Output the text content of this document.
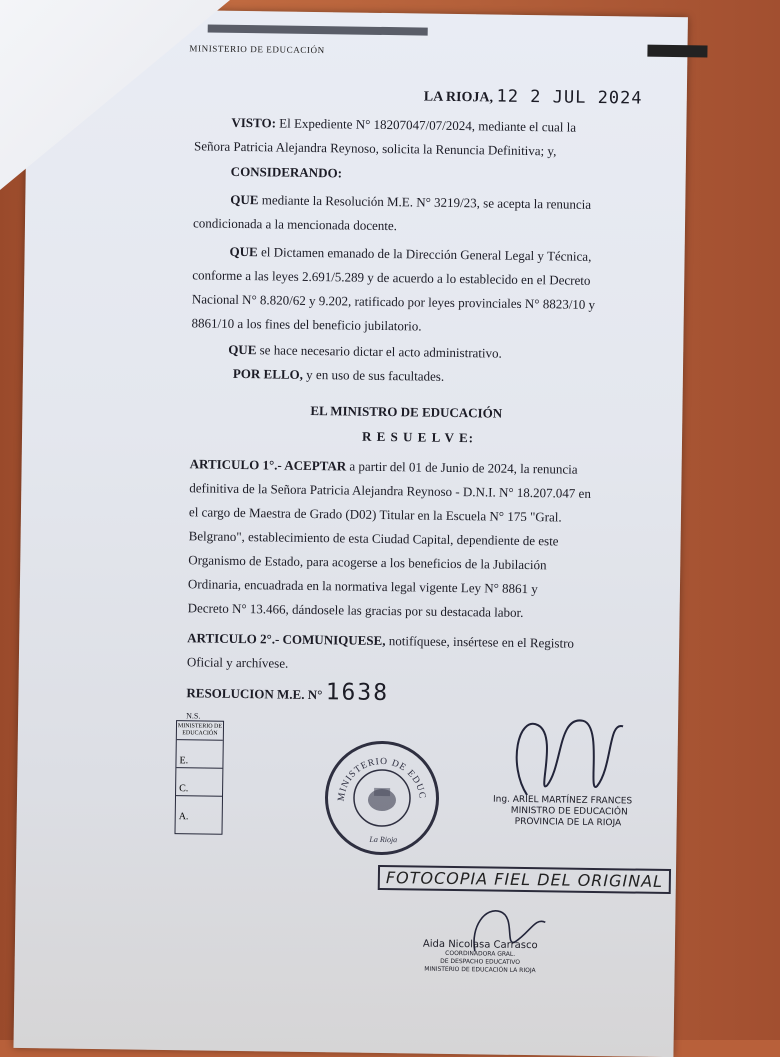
MINISTERIO DE EDUCACIÓN
LA RIOJA, 12 2 JUL 2024
VISTO: El Expediente N° 18207047/07/2024, mediante el cual la
Señora Patricia Alejandra Reynoso, solicita la Renuncia Definitiva; y,
CONSIDERANDO:
QUE mediante la Resolución M.E. N° 3219/23, se acepta la renuncia
condicionada a la mencionada docente.
QUE el Dictamen emanado de la Dirección General Legal y Técnica,
conforme a las leyes 2.691/5.289 y de acuerdo a lo establecido en el Decreto
Nacional N° 8.820/62 y 9.202, ratificado por leyes provinciales N° 8823/10 y
8861/10 a los fines del beneficio jubilatorio.
QUE se hace necesario dictar el acto administrativo.
POR ELLO, y en uso de sus facultades.
EL MINISTRO DE EDUCACIÓN
R E S U E L V E:
ARTICULO 1°.- ACEPTAR a partir del 01 de Junio de 2024, la renuncia
definitiva de la Señora Patricia Alejandra Reynoso - D.N.I. N° 18.207.047 en
el cargo de Maestra de Grado (D02) Titular en la Escuela N° 175 "Gral.
Belgrano", establecimiento de esta Ciudad Capital, dependiente de este
Organismo de Estado, para acogerse a los beneficios de la Jubilación
Ordinaria, encuadrada en la normativa legal vigente Ley N° 8861 y
Decreto N° 13.466, dándosele las gracias por su destacada labor.
ARTICULO 2°.- COMUNIQUESE, notifíquese, insértese en el Registro
Oficial y archívese.
RESOLUCION M.E. N° 1638
N.S.
MINISTERIO DE EDUCACIÓN
E.
C.
A.
MINISTERIO DE EDUCACIÓN
La Rioja
Ing. ARIEL MARTÍNEZ FRANCES
MINISTRO DE EDUCACIÓN
PROVINCIA DE LA RIOJA
FOTOCOPIA FIEL DEL ORIGINAL
Aida Nicolasa Carrasco
COORDINADORA GRAL.
DE DESPACHO EDUCATIVO
MINISTERIO DE EDUCACIÓN LA RIOJA
